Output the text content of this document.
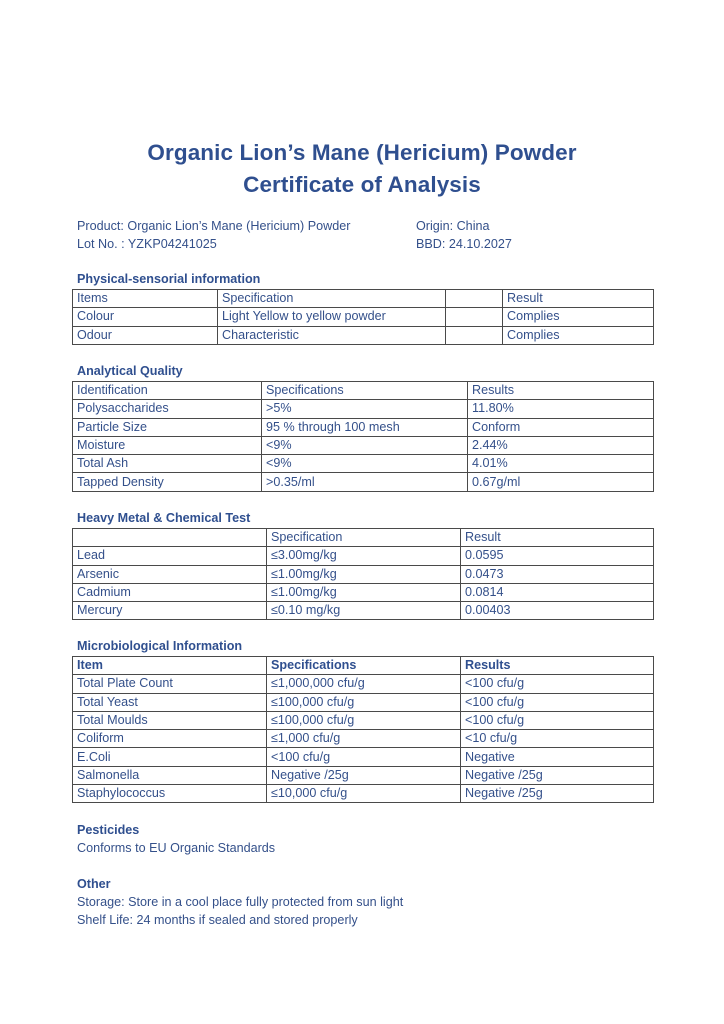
Organic Lion’s Mane (Hericium) Powder
Certificate of Analysis
Product: Organic Lion’s Mane (Hericium) Powder	Origin: China
Lot No. : YZKP04241025	BBD: 24.10.2027
Physical-sensorial information
Items	Specification		Result
Colour	Light Yellow to yellow powder		Complies
Odour	Characteristic		Complies
Analytical Quality
Identification	Specifications	Results
Polysaccharides	>5%	11.80%
Particle Size	95 % through 100 mesh	Conform
Moisture	<9%	2.44%
Total Ash	<9%	4.01%
Tapped Density	>0.35/ml	0.67g/ml
Heavy Metal & Chemical Test
	Specification	Result
Lead	≤3.00mg/kg	0.0595
Arsenic	≤1.00mg/kg	0.0473
Cadmium	≤1.00mg/kg	0.0814
Mercury	≤0.10 mg/kg	0.00403
Microbiological Information
Item	Specifications	Results
Total Plate Count	≤1,000,000 cfu/g	<100 cfu/g
Total Yeast	≤100,000 cfu/g	<100 cfu/g
Total Moulds	≤100,000 cfu/g	<100 cfu/g
Coliform	≤1,000 cfu/g	<10 cfu/g
E.Coli	<100 cfu/g	Negative
Salmonella	Negative /25g	Negative /25g
Staphylococcus	≤10,000 cfu/g	Negative /25g
Pesticides
Conforms to EU Organic Standards
Other
Storage: Store in a cool place fully protected from sun light
Shelf Life: 24 months if sealed and stored properly
